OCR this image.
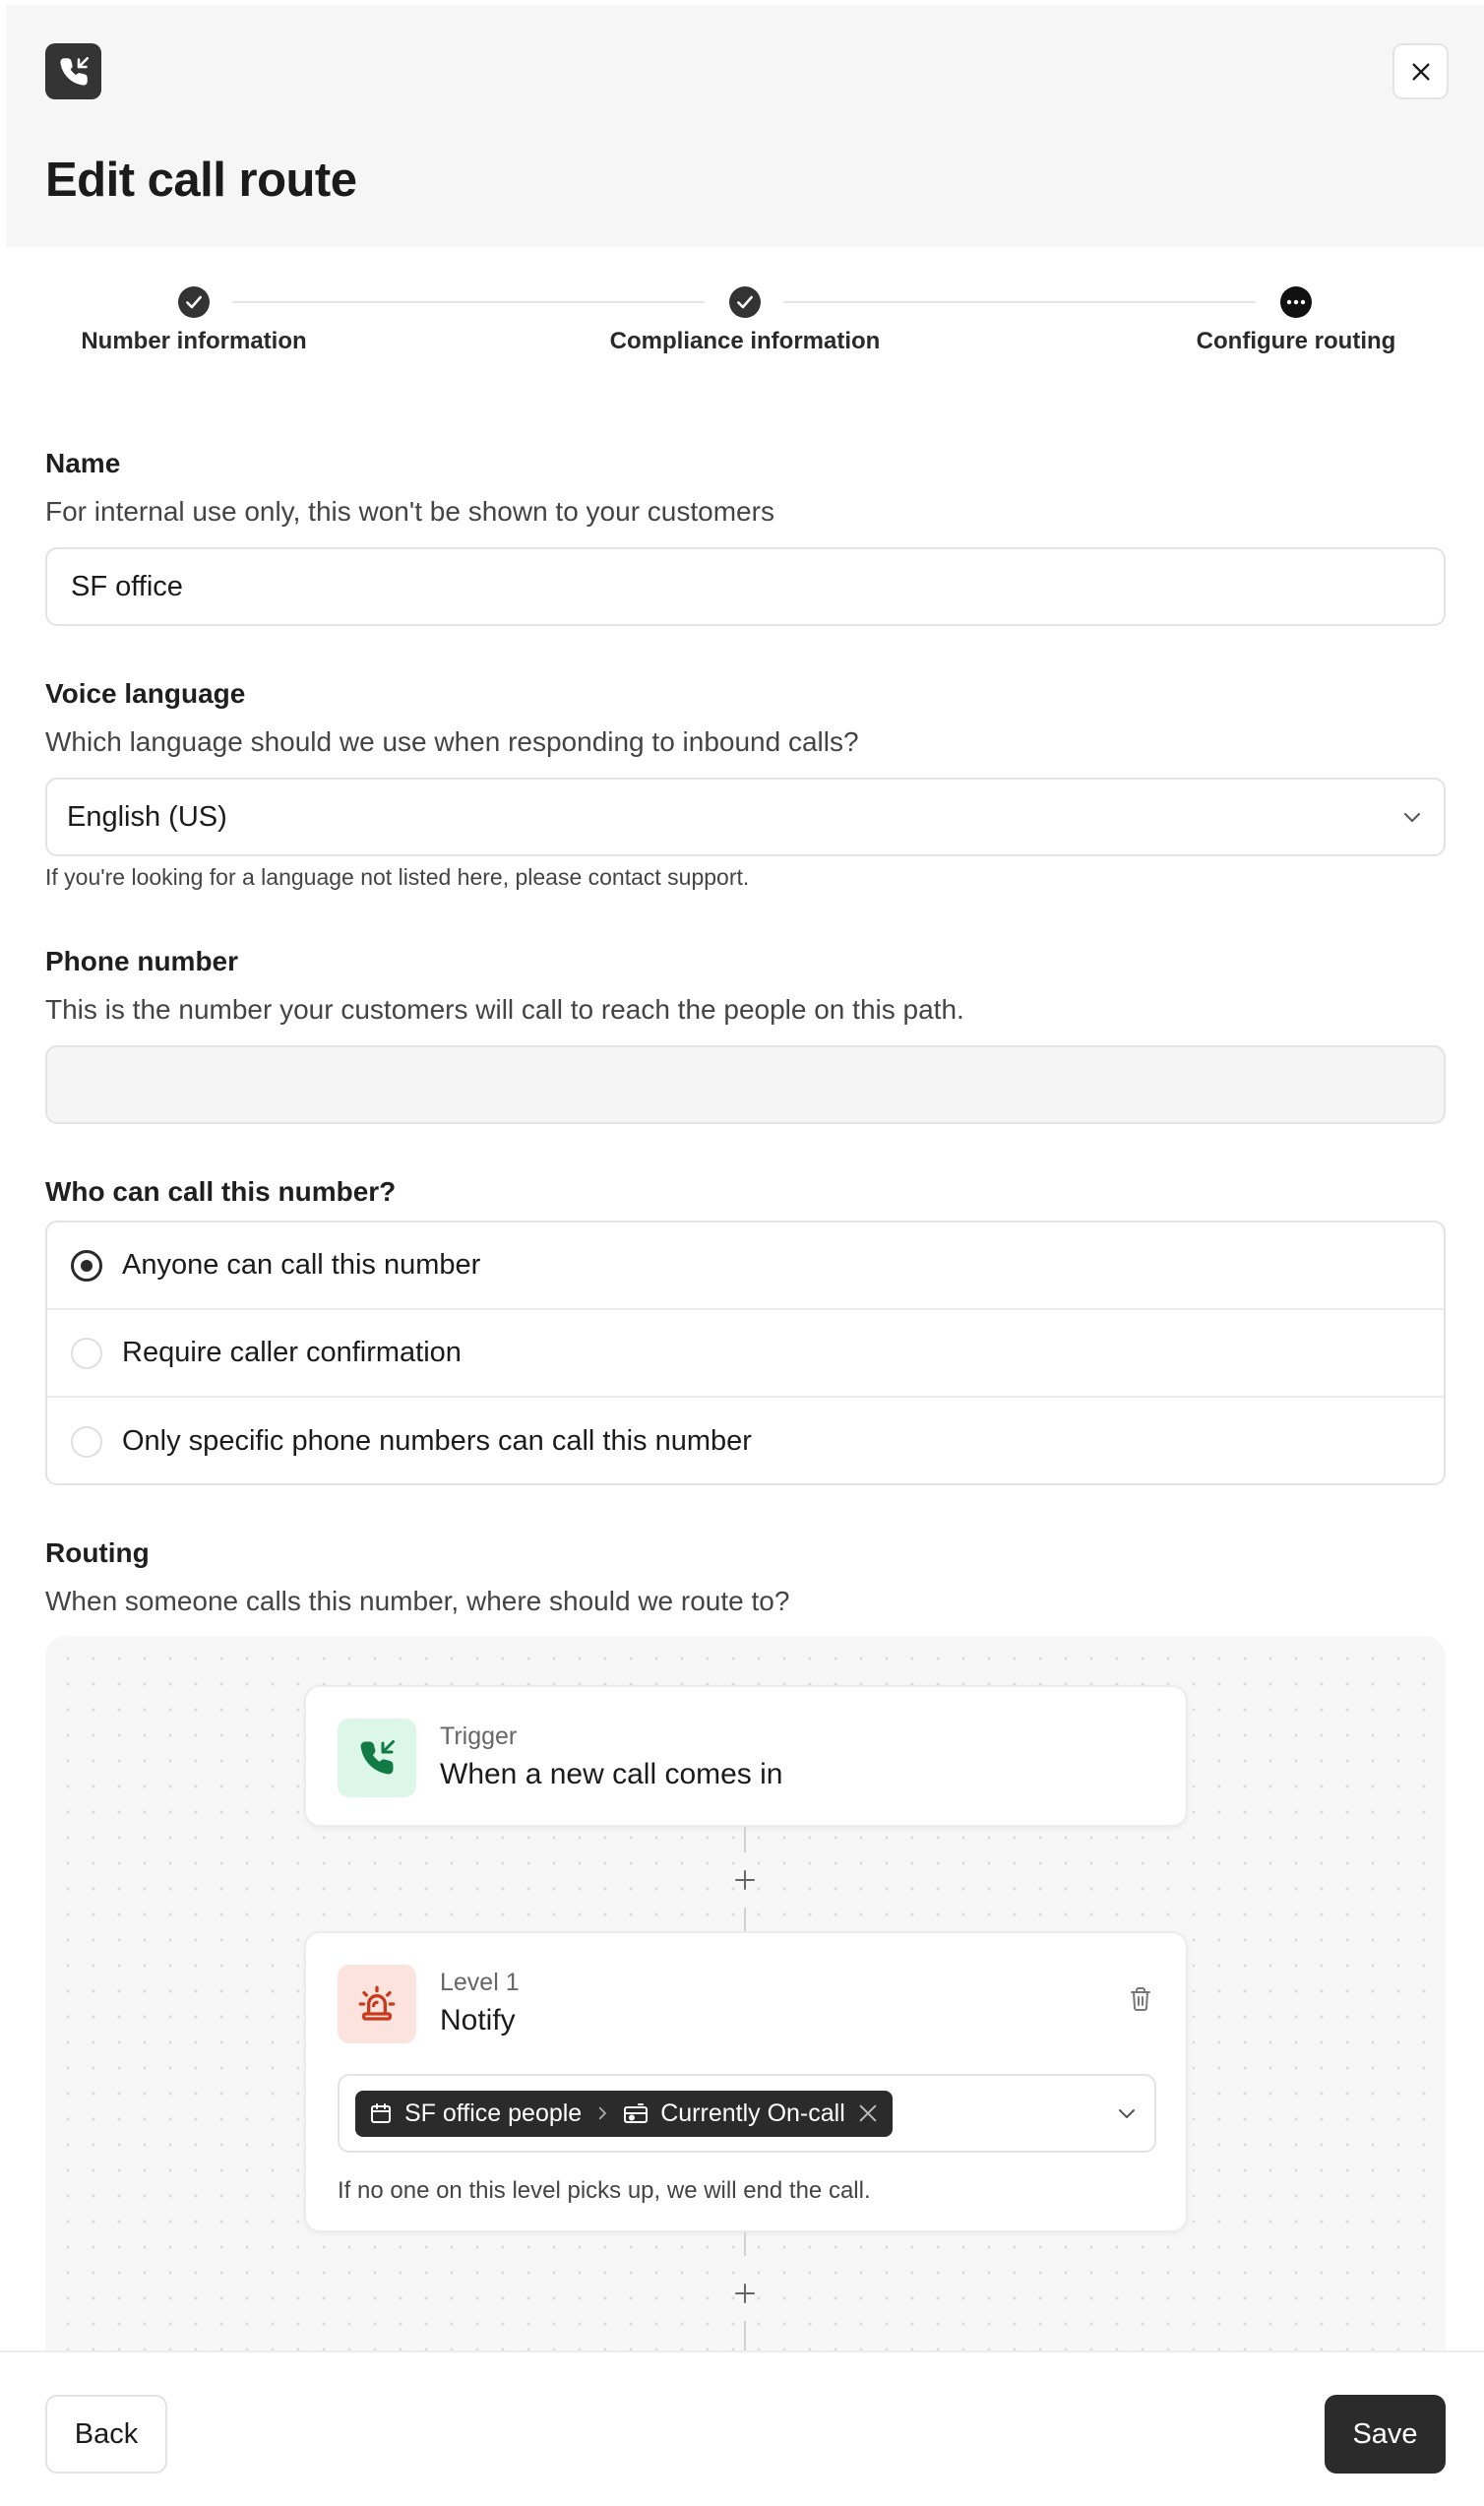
Edit call route
Number information	Compliance information	Configure routing
Name
For internal use only, this won't be shown to your customers
SF office
Voice language
Which language should we use when responding to inbound calls?
English (US)
If you're looking for a language not listed here, please contact support.
Phone number
This is the number your customers will call to reach the people on this path.
Who can call this number?
Anyone can call this number
Require caller confirmation
Only specific phone numbers can call this number
Routing
When someone calls this number, where should we route to?
Trigger
When a new call comes in
Level 1
Notify
SF office people	Currently On-call
If no one on this level picks up, we will end the call.
Back	Save
